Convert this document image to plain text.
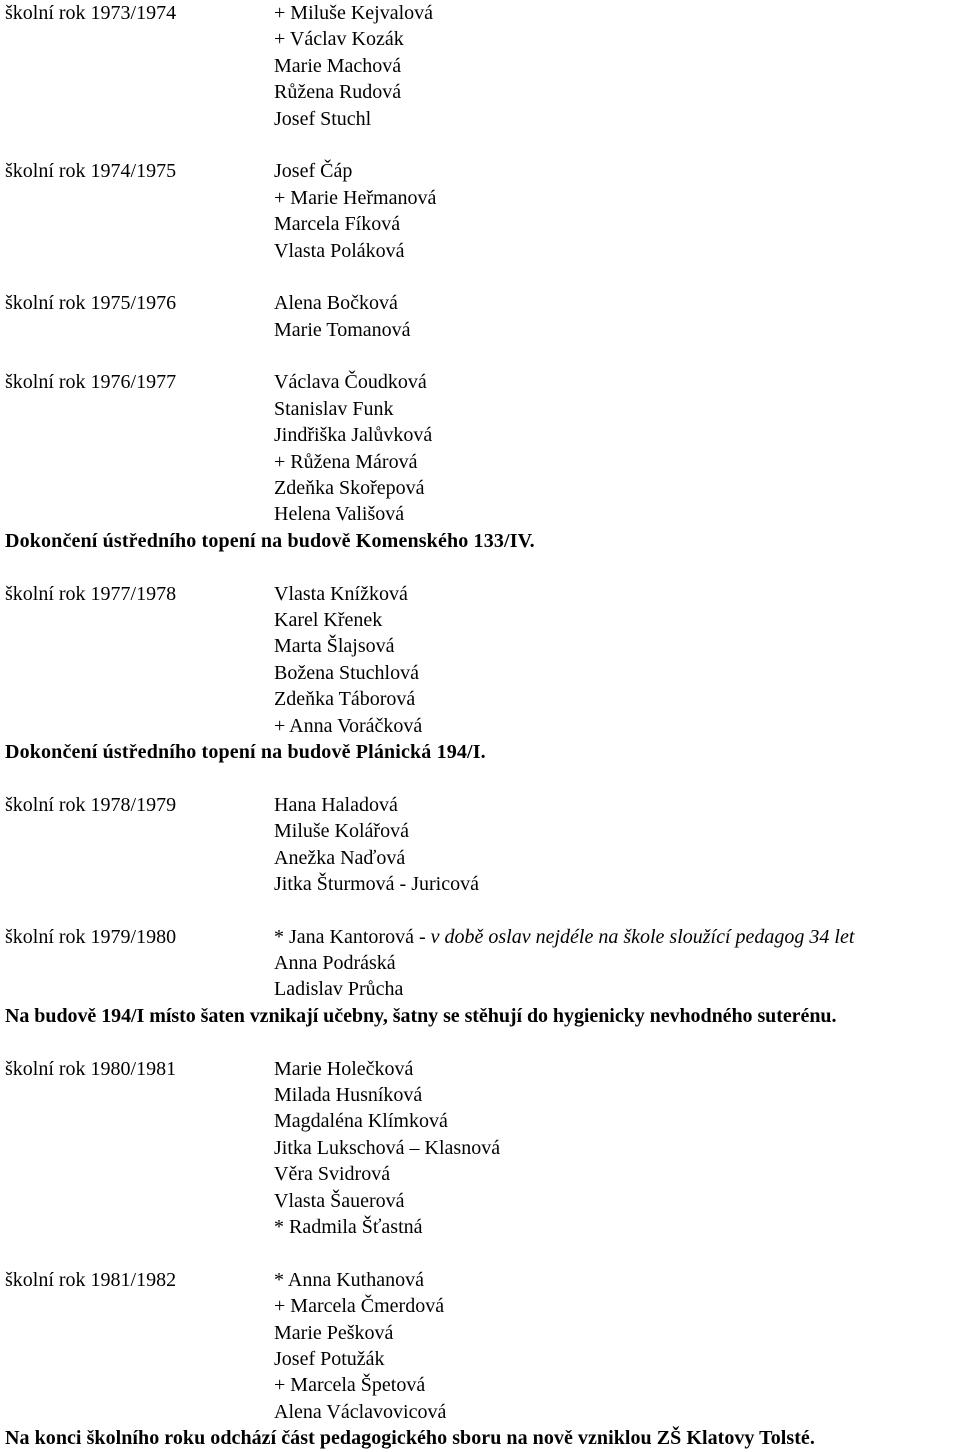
školní rok 1973/1974	+ Miluše Kejvalová
+ Václav Kozák
Marie Machová
Růžena Rudová
Josef Stuchl
školní rok 1974/1975	Josef Čáp
+ Marie Heřmanová
Marcela Fíková
Vlasta Poláková
školní rok 1975/1976	Alena Bočková
Marie Tomanová
školní rok 1976/1977	Václava Čoudková
Stanislav Funk
Jindřiška Jalůvková
+ Růžena Márová
Zdeňka Skořepová
Helena Vališová
Dokončení ústředního topení na budově Komenského 133/IV.
školní rok 1977/1978	Vlasta Knížková
Karel Křenek
Marta Šlajsová
Božena Stuchlová
Zdeňka Táborová
+ Anna Voráčková
Dokončení ústředního topení na budově Plánická 194/I.
školní rok 1978/1979	Hana Haladová
Miluše Kolářová
Anežka Naďová
Jitka Šturmová - Juricová
školní rok 1979/1980	* Jana Kantorová - v době oslav nejdéle na škole sloužící pedagog 34 let
Anna Podráská
Ladislav Průcha
Na budově 194/I místo šaten vznikají učebny, šatny se stěhují do hygienicky nevhodného suterénu.
školní rok 1980/1981	Marie Holečková
Milada Husníková
Magdaléna Klímková
Jitka Lukschová – Klasnová
Věra Svidrová
Vlasta Šauerová
* Radmila Šťastná
školní rok 1981/1982	* Anna Kuthanová
+ Marcela Čmerdová
Marie Pešková
Josef Potužák
+ Marcela Špetová
Alena Václavovicová
Na konci školního roku odchází část pedagogického sboru na nově vzniklou ZŠ Klatovy Tolsté.
